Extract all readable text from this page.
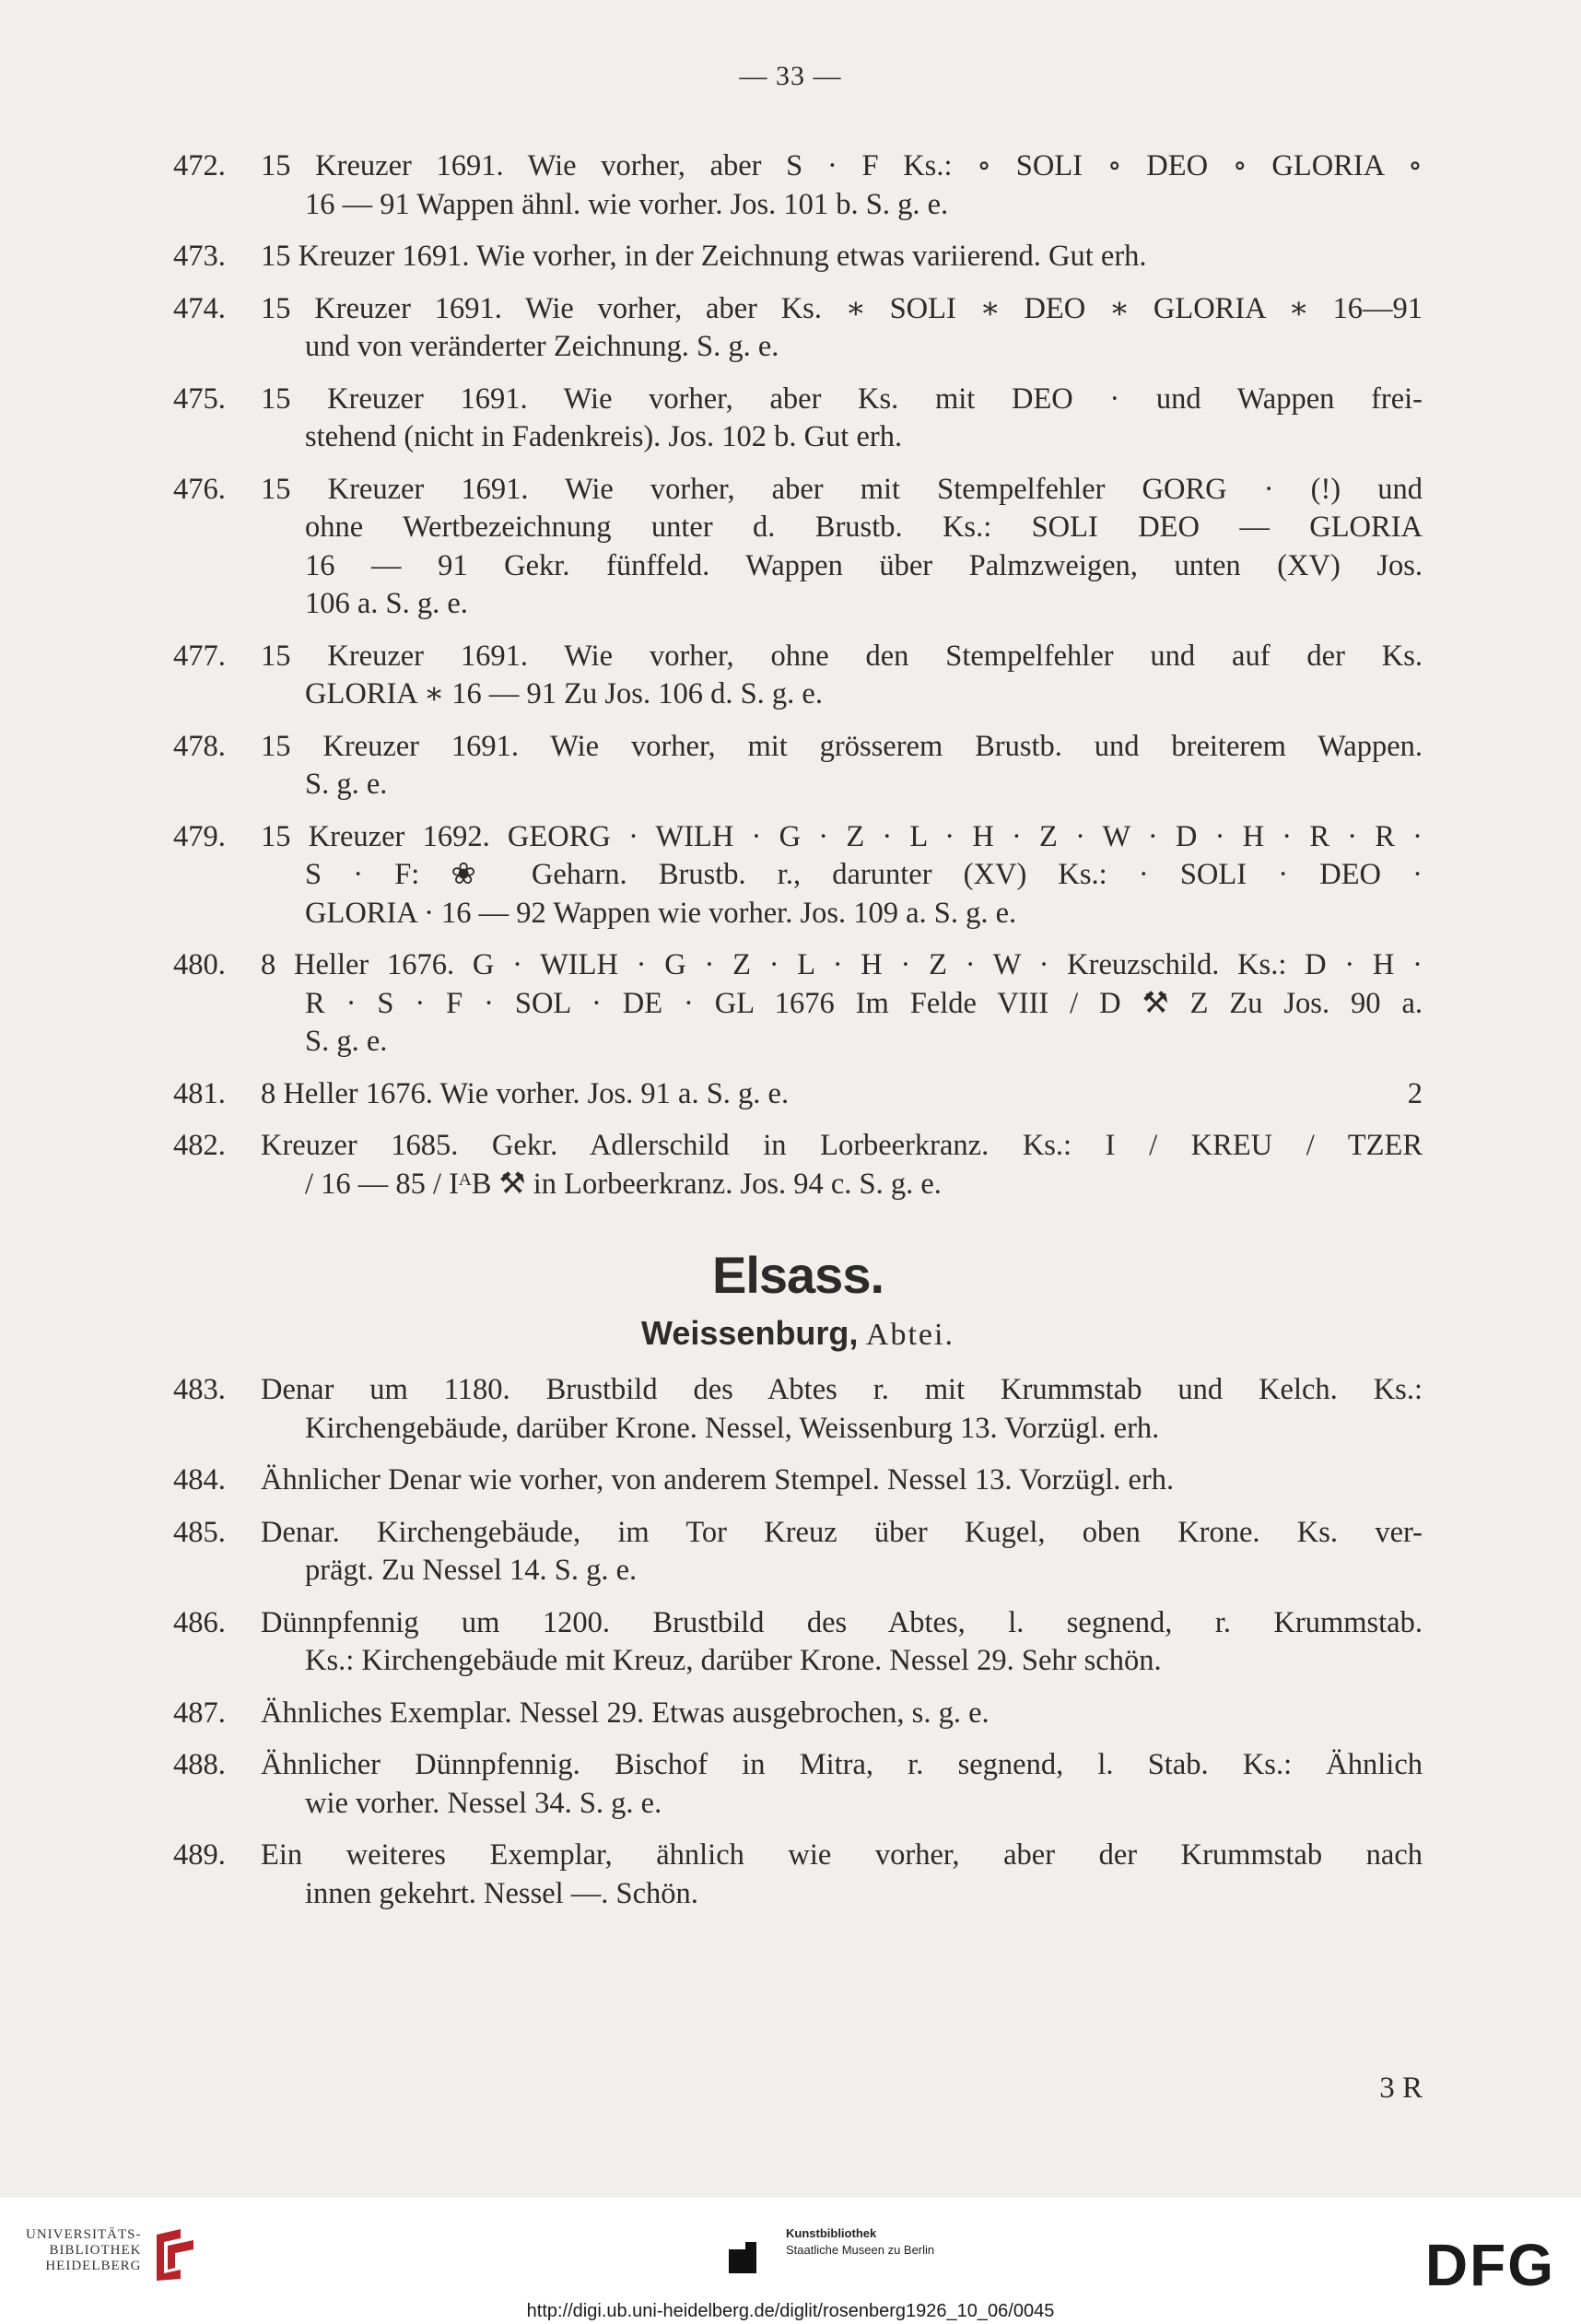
— 33 —
472.	15 Kreuzer 1691. Wie vorher, aber S · F Ks.: ∘ SOLI ∘ DEO ∘ GLORIA ∘
16 — 91 Wappen ähnl. wie vorher. Jos. 101 b. S. g. e.
473.	15 Kreuzer 1691. Wie vorher, in der Zeichnung etwas variierend. Gut erh.
474.	15 Kreuzer 1691. Wie vorher, aber Ks. ∗ SOLI ∗ DEO ∗ GLORIA ∗ 16—91
und von veränderter Zeichnung. S. g. e.
475.	15 Kreuzer 1691. Wie vorher, aber Ks. mit DEO · und Wappen frei-
stehend (nicht in Fadenkreis). Jos. 102 b. Gut erh.
476.	15 Kreuzer 1691. Wie vorher, aber mit Stempelfehler GORG · (!) und
ohne Wertbezeichnung unter d. Brustb. Ks.: SOLI DEO — GLORIA
16 — 91 Gekr. fünffeld. Wappen über Palmzweigen, unten (XV) Jos.
106 a. S. g. e.
477.	15 Kreuzer 1691. Wie vorher, ohne den Stempelfehler und auf der Ks.
GLORIA ∗ 16 — 91 Zu Jos. 106 d. S. g. e.
478.	15 Kreuzer 1691. Wie vorher, mit grösserem Brustb. und breiterem Wappen.
S. g. e.
479.	15 Kreuzer 1692. GEORG · WILH · G · Z · L · H · Z · W · D · H · R · R ·
S · F: ❀ Geharn. Brustb. r., darunter (XV) Ks.: · SOLI · DEO ·
GLORIA · 16 — 92 Wappen wie vorher. Jos. 109 a. S. g. e.
480.	8 Heller 1676. G · WILH · G · Z · L · H · Z · W · Kreuzschild. Ks.: D · H ·
R · S · F · SOL · DE · GL 1676 Im Felde VIII / D ⚒ Z Zu Jos. 90 a.
S. g. e.
481.	8 Heller 1676. Wie vorher. Jos. 91 a. S. g. e.	2
482.	Kreuzer 1685. Gekr. Adlerschild in Lorbeerkranz. Ks.: I / KREU / TZER
/ 16 — 85 / IᴬB ⚒ in Lorbeerkranz. Jos. 94 c. S. g. e.
Elsass.
Weissenburg, Abtei.
483.	Denar um 1180. Brustbild des Abtes r. mit Krummstab und Kelch. Ks.:
Kirchengebäude, darüber Krone. Nessel, Weissenburg 13. Vorzügl. erh.
484.	Ähnlicher Denar wie vorher, von anderem Stempel. Nessel 13. Vorzügl. erh.
485.	Denar. Kirchengebäude, im Tor Kreuz über Kugel, oben Krone. Ks. ver-
prägt. Zu Nessel 14. S. g. e.
486.	Dünnpfennig um 1200. Brustbild des Abtes, l. segnend, r. Krummstab.
Ks.: Kirchengebäude mit Kreuz, darüber Krone. Nessel 29. Sehr schön.
487.	Ähnliches Exemplar. Nessel 29. Etwas ausgebrochen, s. g. e.
488.	Ähnlicher Dünnpfennig. Bischof in Mitra, r. segnend, l. Stab. Ks.: Ähnlich
wie vorher. Nessel 34. S. g. e.
489.	Ein weiteres Exemplar, ähnlich wie vorher, aber der Krummstab nach
innen gekehrt. Nessel —. Schön.
3 R
UNIVERSITÄTS-
BIBLIOTHEK
HEIDELBERG
Kunstbibliothek
Staatliche Museen zu Berlin	DFG
http://digi.ub.uni-heidelberg.de/diglit/rosenberg1926_10_06/0045
